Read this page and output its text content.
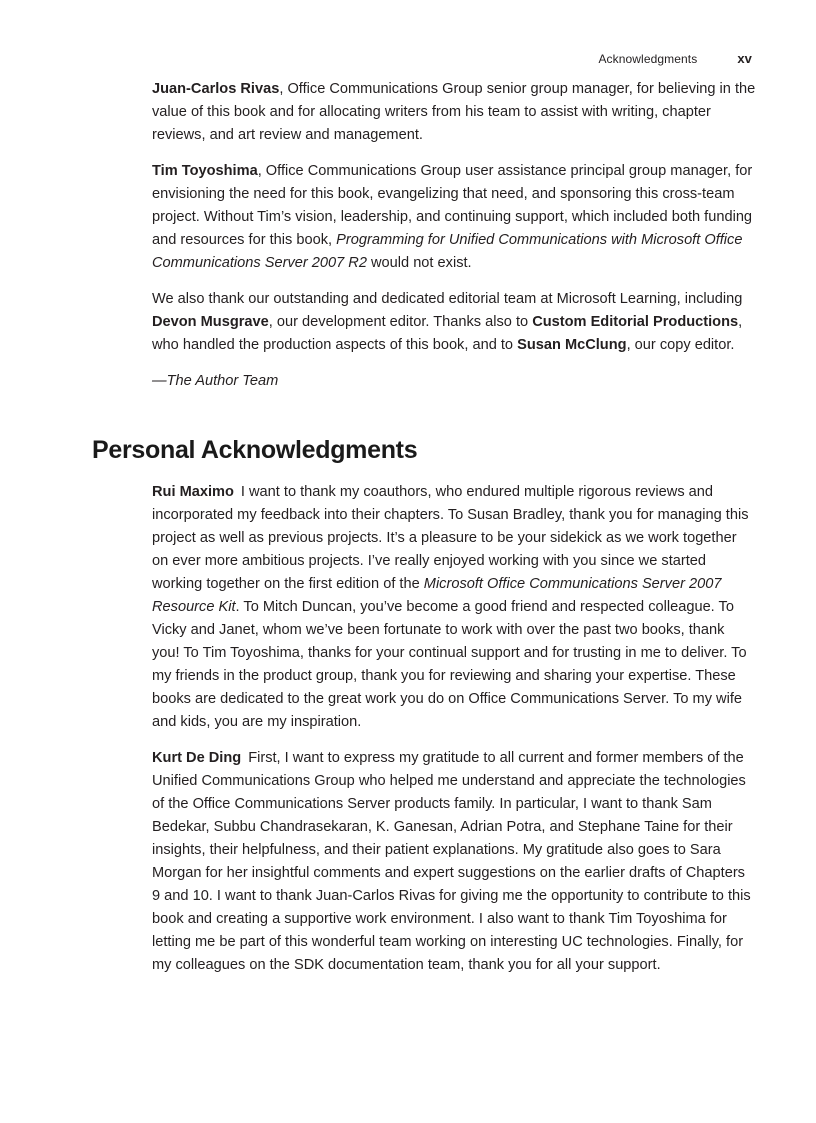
Acknowledgments	xv

Juan-Carlos Rivas, Office Communications Group senior group manager, for believing in the value of this book and for allocating writers from his team to assist with writing, chapter reviews, and art review and management.

Tim Toyoshima, Office Communications Group user assistance principal group manager, for envisioning the need for this book, evangelizing that need, and sponsoring this cross-team project. Without Tim’s vision, leadership, and continuing support, which included both funding and resources for this book, Programming for Unified Communications with Microsoft Office Communications Server 2007 R2 would not exist.

We also thank our outstanding and dedicated editorial team at Microsoft Learning, including Devon Musgrave, our development editor. Thanks also to Custom Editorial Productions, who handled the production aspects of this book, and to Susan McClung, our copy editor.

—The Author Team

Personal Acknowledgments

Rui Maximo I want to thank my coauthors, who endured multiple rigorous reviews and incorporated my feedback into their chapters. To Susan Bradley, thank you for managing this project as well as previous projects. It’s a pleasure to be your sidekick as we work together on ever more ambitious projects. I’ve really enjoyed working with you since we started working together on the first edition of the Microsoft Office Communications Server 2007 Resource Kit. To Mitch Duncan, you’ve become a good friend and respected colleague. To Vicky and Janet, whom we’ve been fortunate to work with over the past two books, thank you! To Tim Toyoshima, thanks for your continual support and for trusting in me to deliver. To my friends in the product group, thank you for reviewing and sharing your expertise. These books are dedicated to the great work you do on Office Communications Server. To my wife and kids, you are my inspiration.

Kurt De Ding First, I want to express my gratitude to all current and former members of the Unified Communications Group who helped me understand and appreciate the technologies of the Office Communications Server products family. In particular, I want to thank Sam Bedekar, Subbu Chandrasekaran, K. Ganesan, Adrian Potra, and Stephane Taine for their insights, their helpfulness, and their patient explanations. My gratitude also goes to Sara Morgan for her insightful comments and expert suggestions on the earlier drafts of Chapters 9 and 10. I want to thank Juan-Carlos Rivas for giving me the opportunity to contribute to this book and creating a supportive work environment. I also want to thank Tim Toyoshima for letting me be part of this wonderful team working on interesting UC technologies. Finally, for my colleagues on the SDK documentation team, thank you for all your support.
